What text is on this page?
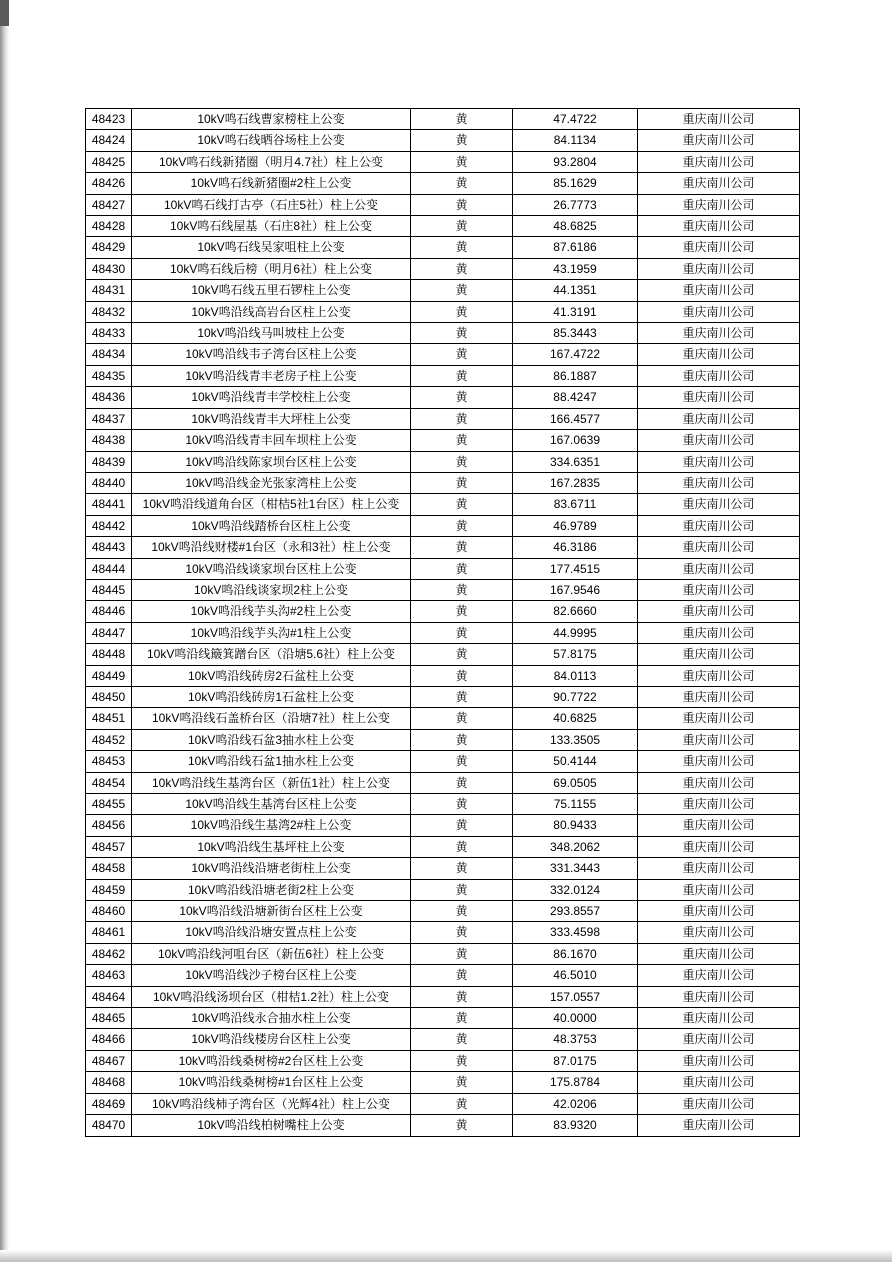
48423	10kV鸣石线曹家榜柱上公变	黄	47.4722	重庆南川公司

48424	10kV鸣石线晒谷场柱上公变	黄	84.1134	重庆南川公司

48425	10kV鸣石线新猪圈（明月4.7社）柱上公变	黄	93.2804	重庆南川公司

48426	10kV鸣石线新猪圈#2柱上公变	黄	85.1629	重庆南川公司

48427	10kV鸣石线打古亭（石庄5社）柱上公变	黄	26.7773	重庆南川公司

48428	10kV鸣石线屋基（石庄8社）柱上公变	黄	48.6825	重庆南川公司

48429	10kV鸣石线吴家咀柱上公变	黄	87.6186	重庆南川公司

48430	10kV鸣石线后榜（明月6社）柱上公变	黄	43.1959	重庆南川公司

48431	10kV鸣石线五里石锣柱上公变	黄	44.1351	重庆南川公司

48432	10kV鸣沿线高岩台区柱上公变	黄	41.3191	重庆南川公司

48433	10kV鸣沿线马叫坡柱上公变	黄	85.3443	重庆南川公司

48434	10kV鸣沿线韦子湾台区柱上公变	黄	167.4722	重庆南川公司

48435	10kV鸣沿线青丰老房子柱上公变	黄	86.1887	重庆南川公司

48436	10kV鸣沿线青丰学校柱上公变	黄	88.4247	重庆南川公司

48437	10kV鸣沿线青丰大坪柱上公变	黄	166.4577	重庆南川公司

48438	10kV鸣沿线青丰回车坝柱上公变	黄	167.0639	重庆南川公司

48439	10kV鸣沿线陈家坝台区柱上公变	黄	334.6351	重庆南川公司

48440	10kV鸣沿线金光张家湾柱上公变	黄	167.2835	重庆南川公司

48441	10kV鸣沿线道角台区（柑桔5社1台区）柱上公变	黄	83.6711	重庆南川公司

48442	10kV鸣沿线踏桥台区柱上公变	黄	46.9789	重庆南川公司

48443	10kV鸣沿线财楼#1台区（永和3社）柱上公变	黄	46.3186	重庆南川公司

48444	10kV鸣沿线谈家坝台区柱上公变	黄	177.4515	重庆南川公司

48445	10kV鸣沿线谈家坝2柱上公变	黄	167.9546	重庆南川公司

48446	10kV鸣沿线芋头沟#2柱上公变	黄	82.6660	重庆南川公司

48447	10kV鸣沿线芋头沟#1柱上公变	黄	44.9995	重庆南川公司

48448	10kV鸣沿线簸箕蹭台区（沿塘5.6社）柱上公变	黄	57.8175	重庆南川公司

48449	10kV鸣沿线砖房2石盆柱上公变	黄	84.0113	重庆南川公司

48450	10kV鸣沿线砖房1石盆柱上公变	黄	90.7722	重庆南川公司

48451	10kV鸣沿线石盖桥台区（沿塘7社）柱上公变	黄	40.6825	重庆南川公司

48452	10kV鸣沿线石盆3抽水柱上公变	黄	133.3505	重庆南川公司

48453	10kV鸣沿线石盆1抽水柱上公变	黄	50.4144	重庆南川公司

48454	10kV鸣沿线生基湾台区（新伍1社）柱上公变	黄	69.0505	重庆南川公司

48455	10kV鸣沿线生基湾台区柱上公变	黄	75.1155	重庆南川公司

48456	10kV鸣沿线生基湾2#柱上公变	黄	80.9433	重庆南川公司

48457	10kV鸣沿线生基坪柱上公变	黄	348.2062	重庆南川公司

48458	10kV鸣沿线沿塘老街柱上公变	黄	331.3443	重庆南川公司

48459	10kV鸣沿线沿塘老街2柱上公变	黄	332.0124	重庆南川公司

48460	10kV鸣沿线沿塘新街台区柱上公变	黄	293.8557	重庆南川公司

48461	10kV鸣沿线沿塘安置点柱上公变	黄	333.4598	重庆南川公司

48462	10kV鸣沿线河咀台区（新伍6社）柱上公变	黄	86.1670	重庆南川公司

48463	10kV鸣沿线沙子榜台区柱上公变	黄	46.5010	重庆南川公司

48464	10kV鸣沿线汤坝台区（柑桔1.2社）柱上公变	黄	157.0557	重庆南川公司

48465	10kV鸣沿线永合抽水柱上公变	黄	40.0000	重庆南川公司

48466	10kV鸣沿线楼房台区柱上公变	黄	48.3753	重庆南川公司

48467	10kV鸣沿线桑树榜#2台区柱上公变	黄	87.0175	重庆南川公司

48468	10kV鸣沿线桑树榜#1台区柱上公变	黄	175.8784	重庆南川公司

48469	10kV鸣沿线柿子湾台区（光辉4社）柱上公变	黄	42.0206	重庆南川公司

48470	10kV鸣沿线柏树嘴柱上公变	黄	83.9320	重庆南川公司
